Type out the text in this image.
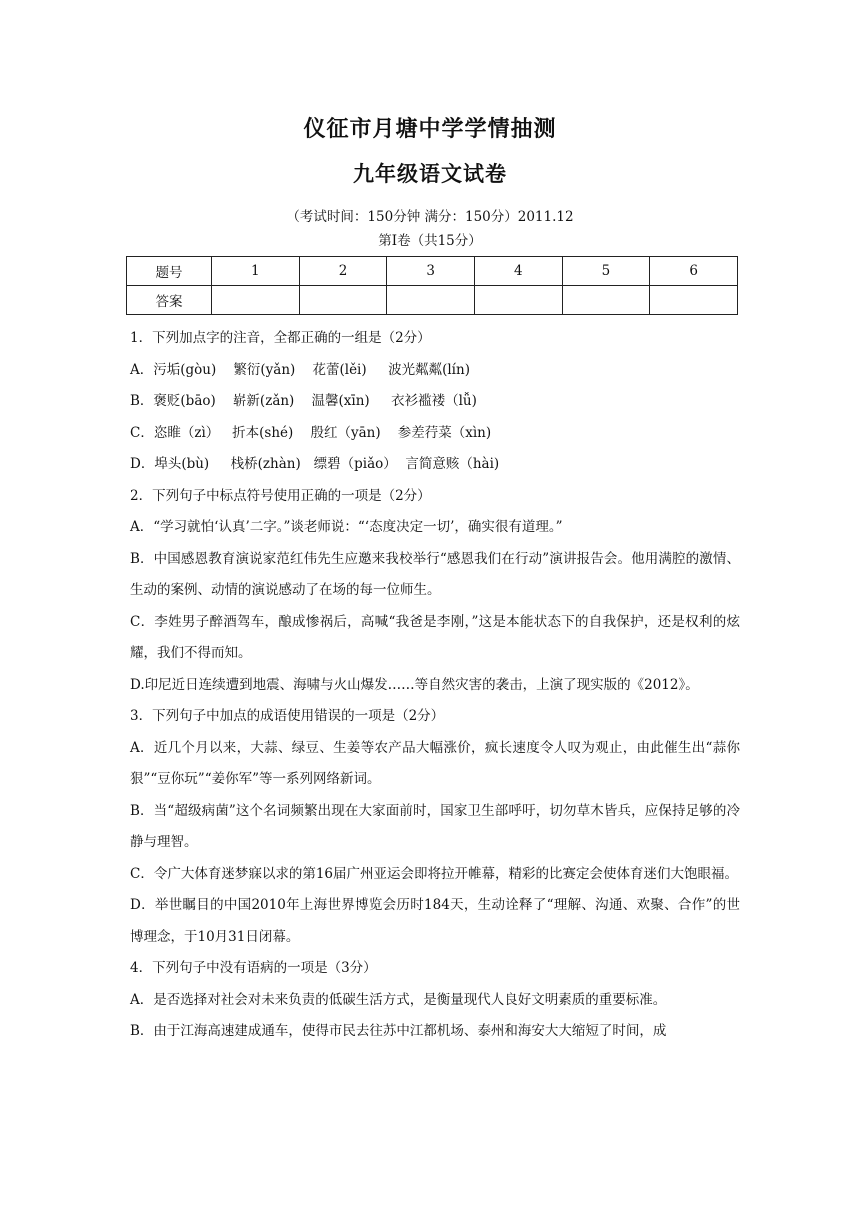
仪征市月塘中学学情抽测
九年级语文试卷
（考试时间：150分钟 满分：150分）2011.12
第Ⅰ卷（共15分）
题号	1	2	3	4	5	6
答案						

1．下列加点字的注音，全都正确的一组是（2分）

A．污垢(gòu)    繁衍(yǎn)    花蕾(lěi)     波光粼粼(lín)

B．褒贬(bāo)    崭新(zǎn)    温馨(xīn)     衣衫褴褛（lǚ)

C．恣睢（zì）   折本(shé)    殷红（yān)    参差荇菜（xìn)

D．埠头(bù)     栈桥(zhàn)   缥碧（piǎo）  言简意赅（hài)

2．下列句子中标点符号使用正确的一项是（2分）

A．“学习就怕‘认真’二字。”谈老师说：“‘态度决定一切’，确实很有道理。”

B．中国感恩教育演说家范红伟先生应邀来我校举行“感恩我们在行动”演讲报告会。他用满腔的激情、生动的案例、动情的演说感动了在场的每一位师生。

C．李姓男子醉酒驾车，酿成惨祸后，高喊“我爸是李刚，”这是本能状态下的自我保护，还是权利的炫耀，我们不得而知。

D.印尼近日连续遭到地震、海啸与火山爆发……等自然灾害的袭击，上演了现实版的《2012》。

3．下列句子中加点的成语使用错误的一项是（2分）

A．近几个月以来，大蒜、绿豆、生姜等农产品大幅涨价，疯长速度令人叹为观止，由此催生出“蒜你狠”“豆你玩”“姜你军”等一系列网络新词。

B．当“超级病菌”这个名词频繁出现在大家面前时，国家卫生部呼吁，切勿草木皆兵，应保持足够的冷静与理智。

C．令广大体育迷梦寐以求的第16届广州亚运会即将拉开帷幕，精彩的比赛定会使体育迷们大饱眼福。

D．举世瞩目的中国2010年上海世界博览会历时184天，生动诠释了“理解、沟通、欢聚、合作”的世博理念，于10月31日闭幕。

4．下列句子中没有语病的一项是（3分）

A．是否选择对社会对未来负责的低碳生活方式，是衡量现代人良好文明素质的重要标准。

B．由于江海高速建成通车，使得市民去往苏中江都机场、泰州和海安大大缩短了时间，成
